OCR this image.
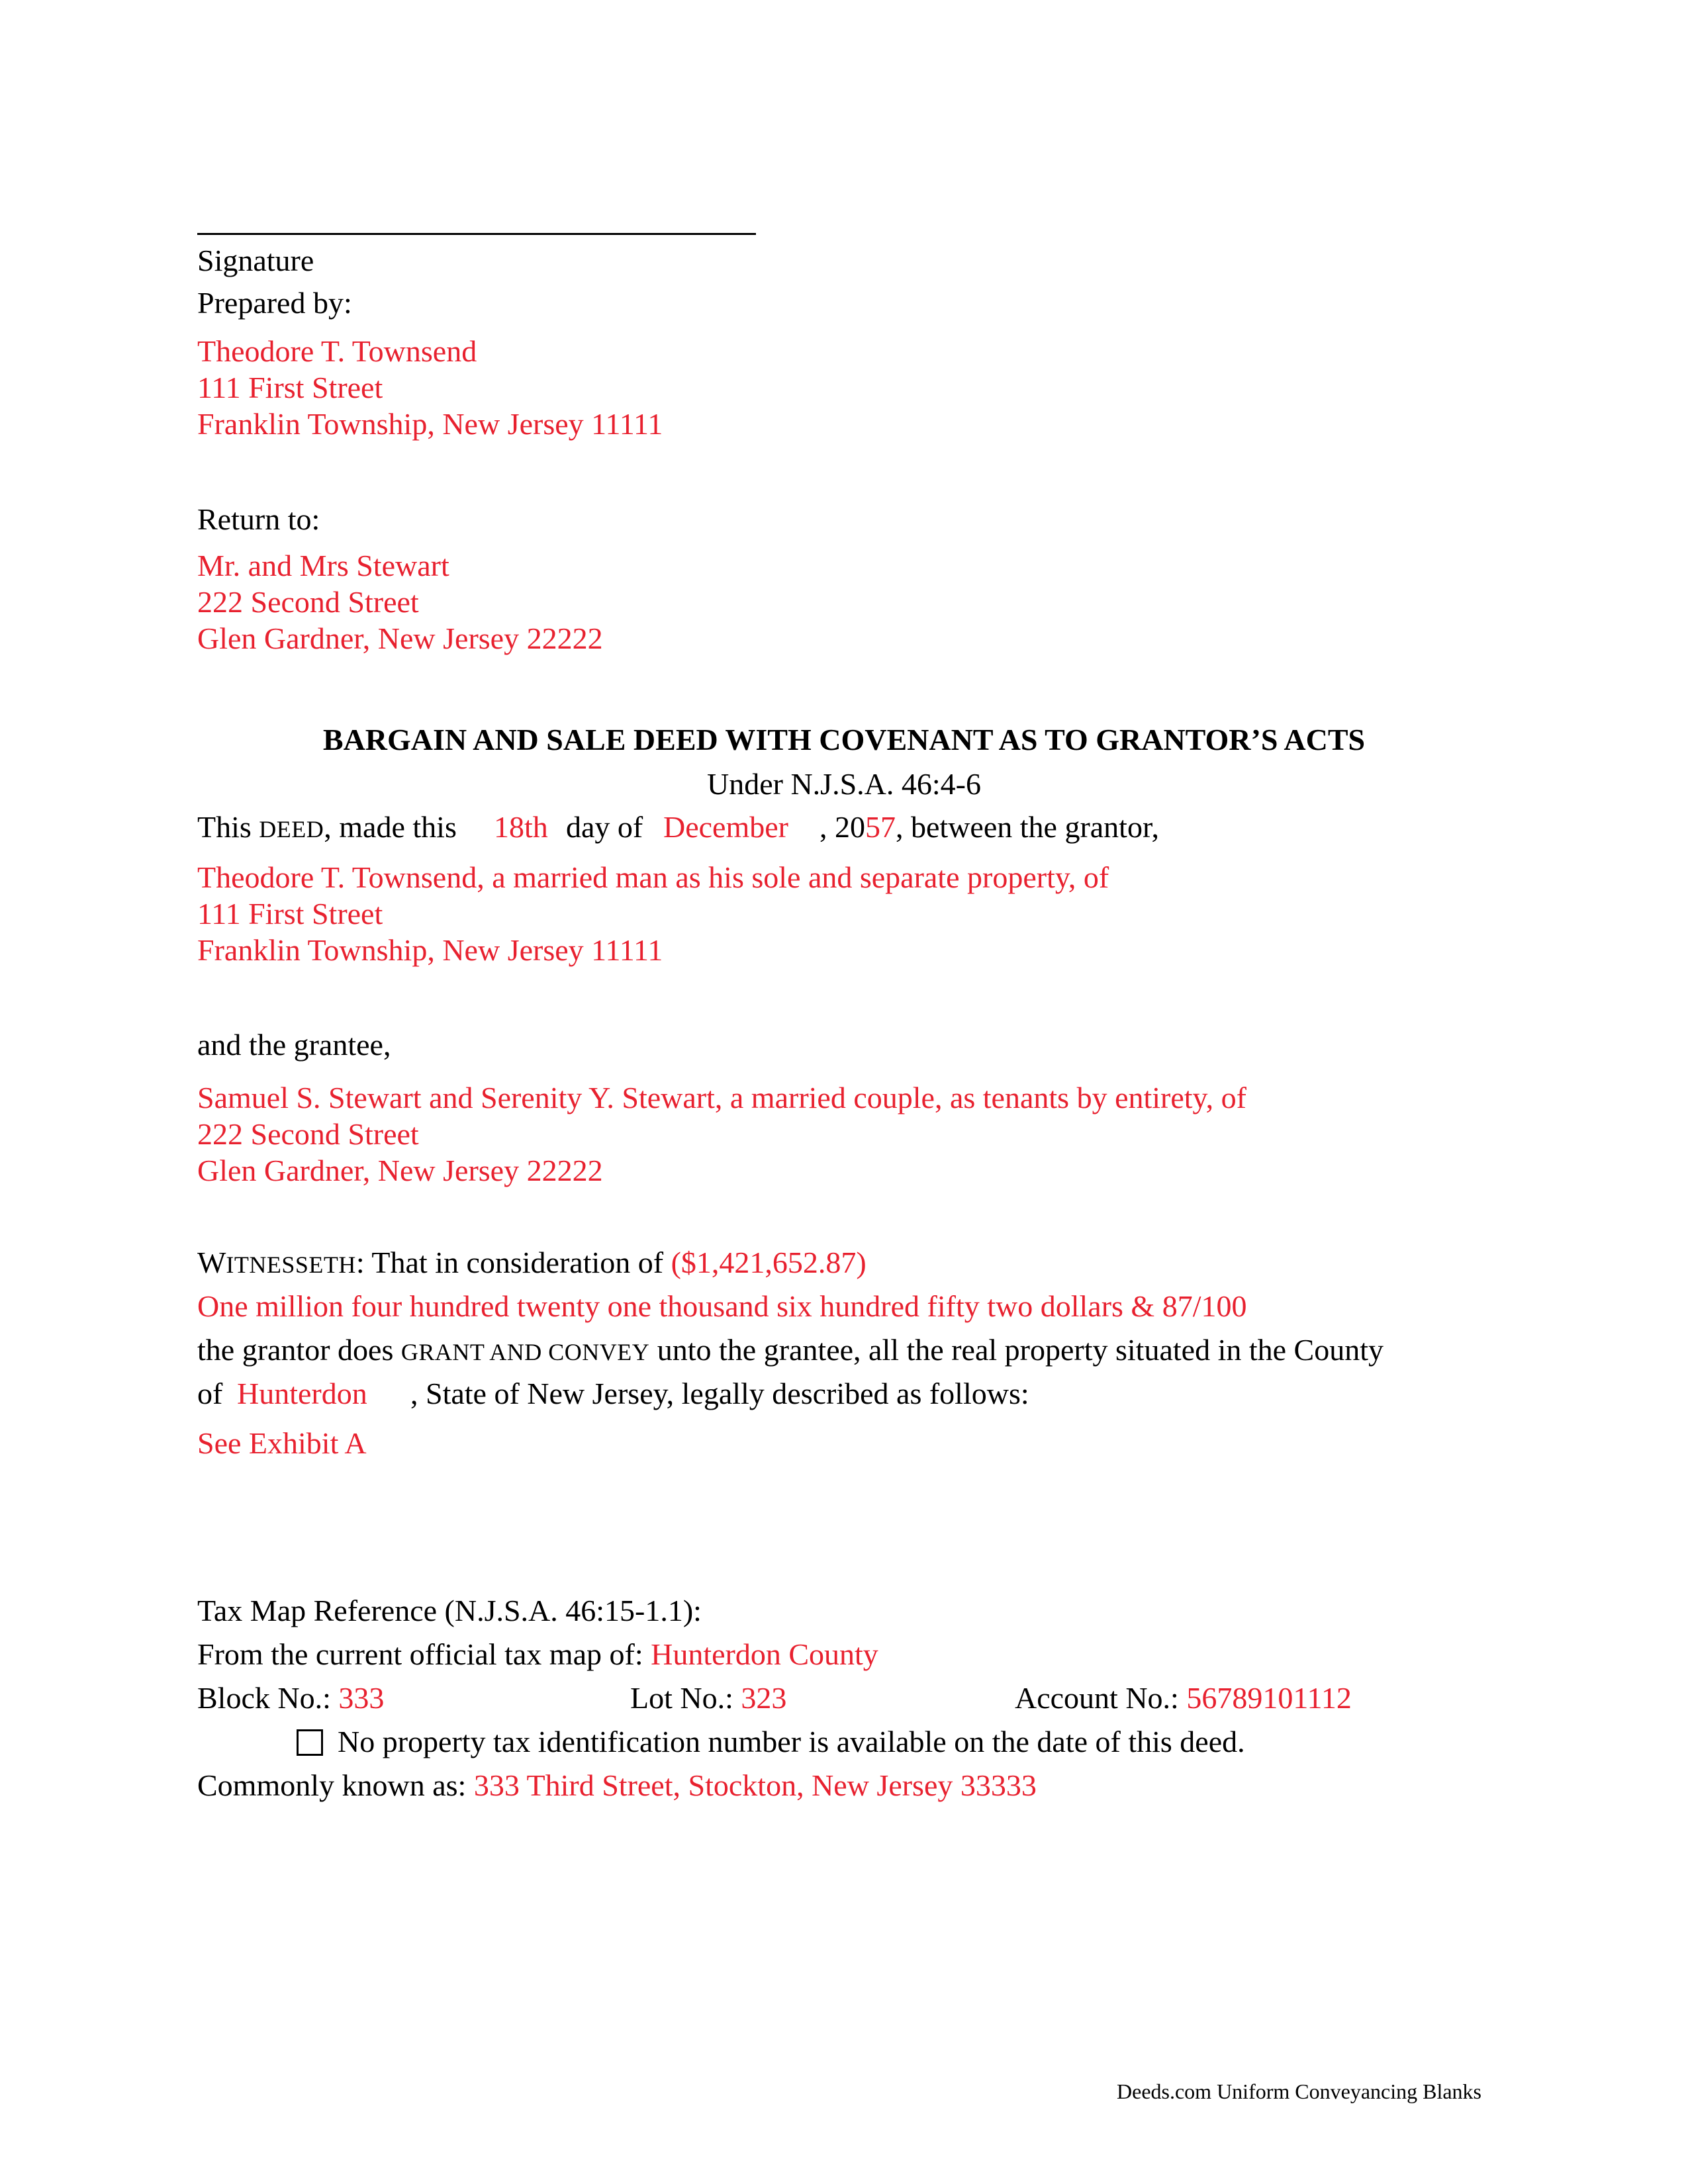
Signature
Prepared by:
Theodore T. Townsend
111 First Street
Franklin Township, New Jersey 11111
Return to:
Mr. and Mrs Stewart
222 Second Street
Glen Gardner, New Jersey 22222
BARGAIN AND SALE DEED WITH COVENANT AS TO GRANTOR’S ACTS
Under N.J.S.A. 46:4-6
This DEED, made this 18th day of December , 2057, between the grantor,
Theodore T. Townsend, a married man as his sole and separate property, of
111 First Street
Franklin Township, New Jersey 11111
and the grantee,
Samuel S. Stewart and Serenity Y. Stewart, a married couple, as tenants by entirety, of
222 Second Street
Glen Gardner, New Jersey 22222
WITNESSETH: That in consideration of ($1,421,652.87)
One million four hundred twenty one thousand six hundred fifty two dollars & 87/100
the grantor does GRANT AND CONVEY unto the grantee, all the real property situated in the County
of Hunterdon , State of New Jersey, legally described as follows:
See Exhibit A
Tax Map Reference (N.J.S.A. 46:15-1.1):
From the current official tax map of: Hunterdon County
Block No.: 333	Lot No.: 323	Account No.: 56789101112
No property tax identification number is available on the date of this deed.
Commonly known as: 333 Third Street, Stockton, New Jersey 33333
Deeds.com Uniform Conveyancing Blanks
